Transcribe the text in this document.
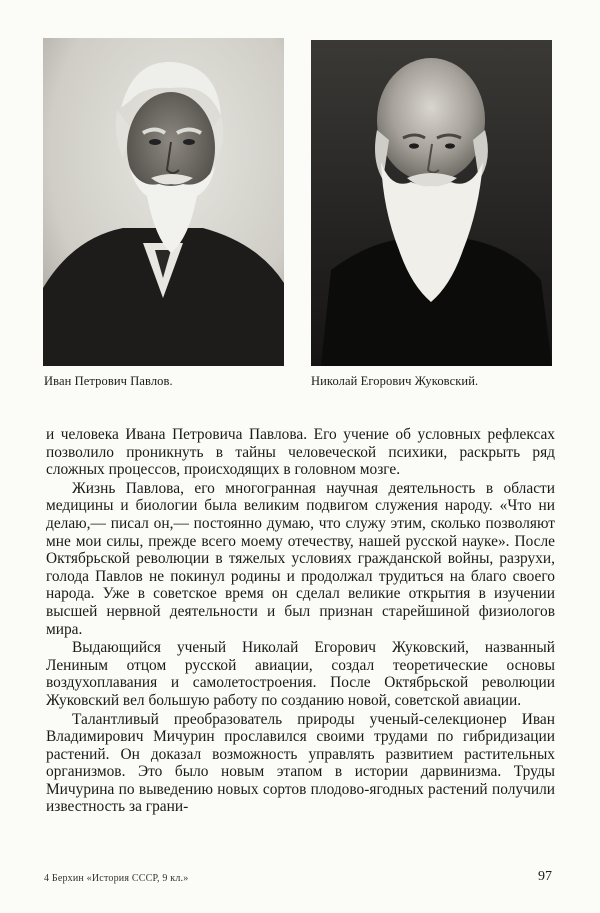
Иван Петрович Павлов.	Николай Егорович Жуковский.

и человека Ивана Петровича Павлова. Его учение об условных рефлексах позволило проникнуть в тайны человеческой психики, раскрыть ряд сложных процессов, происходящих в головном мозге.

Жизнь Павлова, его многогранная научная деятельность в области медицины и биологии была великим подвигом служения народу. «Что ни делаю,— писал он,— постоянно думаю, что служу этим, сколько позволяют мне мои силы, прежде всего моему отечеству, нашей русской науке». После Октябрьской революции в тяжелых условиях гражданской войны, разрухи, голода Павлов не покинул родины и продолжал трудиться на благо своего народа. Уже в советское время он сделал великие открытия в изучении высшей нервной деятельности и был признан старейшиной физиологов мира.

Выдающийся ученый Николай Егорович Жуковский, названный Лениным отцом русской авиации, создал теоретические основы воздухоплавания и самолетостроения. После Октябрьской революции Жуковский вел большую работу по созданию новой, советской авиации.

Талантливый преобразователь природы ученый-селекционер Иван Владимирович Мичурин прославился своими трудами по гибридизации растений. Он доказал возможность управлять развитием растительных организмов. Это было новым этапом в истории дарвинизма. Труды Мичурина по выведению новых сортов плодово-ягодных растений получили известность за грани-

4 Берхин «История СССР, 9 кл.»	97
